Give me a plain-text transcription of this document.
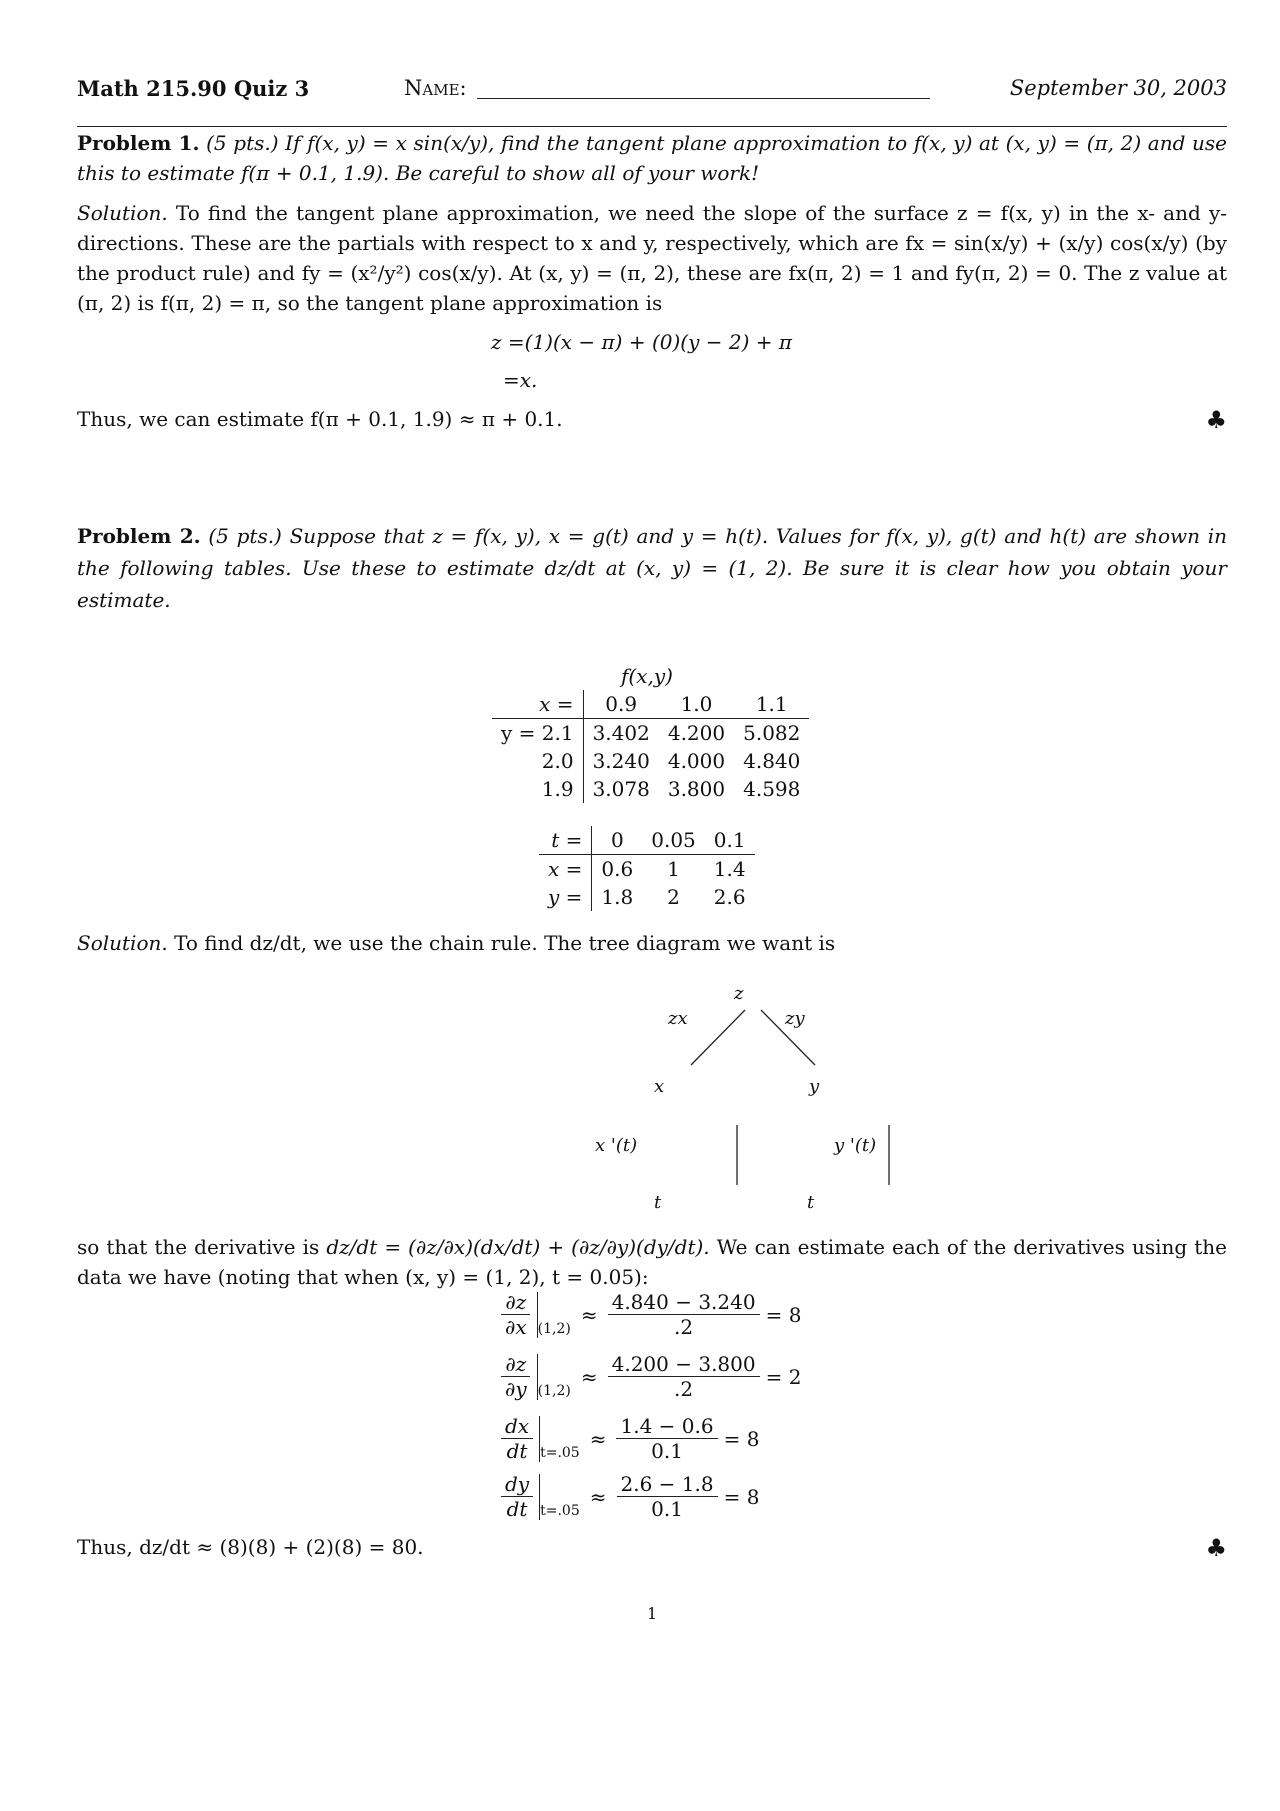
Math 215.90 Quiz 3	Name:	September 30, 2003
Problem 1. (5 pts.) If f(x, y) = x sin(x/y), find the tangent plane approximation to f(x, y) at (x, y) = (π, 2) and use this to estimate f(π + 0.1, 1.9). Be careful to show all of your work!
Solution. To find the tangent plane approximation, we need the slope of the surface z = f(x, y) in the x- and y-directions. These are the partials with respect to x and y, respectively, which are fx = sin(x/y) + (x/y) cos(x/y) (by the product rule) and fy = (x²/y²) cos(x/y). At (x, y) = (π, 2), these are fx(π, 2) = 1 and fy(π, 2) = 0. The z value at (π, 2) is f(π, 2) = π, so the tangent plane approximation is
z =(1)(x − π) + (0)(y − 2) + π
=x.
Thus, we can estimate f(π + 0.1, 1.9) ≈ π + 0.1.	♣
Problem 2. (5 pts.) Suppose that z = f(x, y), x = g(t) and y = h(t). Values for f(x, y), g(t) and h(t) are shown in the following tables. Use these to estimate dz/dt at (x, y) = (1, 2). Be sure it is clear how you obtain your estimate.
f(x,y)
x =	0.9	1.0	1.1
y = 2.1	3.402	4.200	5.082
2.0	3.240	4.000	4.840
1.9	3.078	3.800	4.598
t =	0	0.05	0.1
x =	0.6	1	1.4
y =	1.8	2	2.6
Solution. To find dz/dt, we use the chain rule. The tree diagram we want is
z
zx	zy
x	y
x '(t)	y '(t)
t	t
so that the derivative is dz/dt = (∂z/∂x)(dx/dt) + (∂z/∂y)(dy/dt). We can estimate each of the derivatives using the data we have (noting that when (x, y) = (1, 2), t = 0.05):
$\frac{\partial z}{\partial x} (1,2)$
≈ $\frac{4.840 - 3.240}{.2} = 8$
$\frac{\partial z}{\partial y} (1,2)$
≈ $\frac{4.200 - 3.800}{.2} = 2$
$\frac{dx}{dt} t=.05$
≈ $\frac{1.4 - 0.6}{0.1} = 8$
$\frac{dy}{dt} t=.05$
≈ $\frac{2.6 - 1.8}{0.1} = 8$
Thus, dz/dt ≈ (8)(8) + (2)(8) = 80.	♣
1
